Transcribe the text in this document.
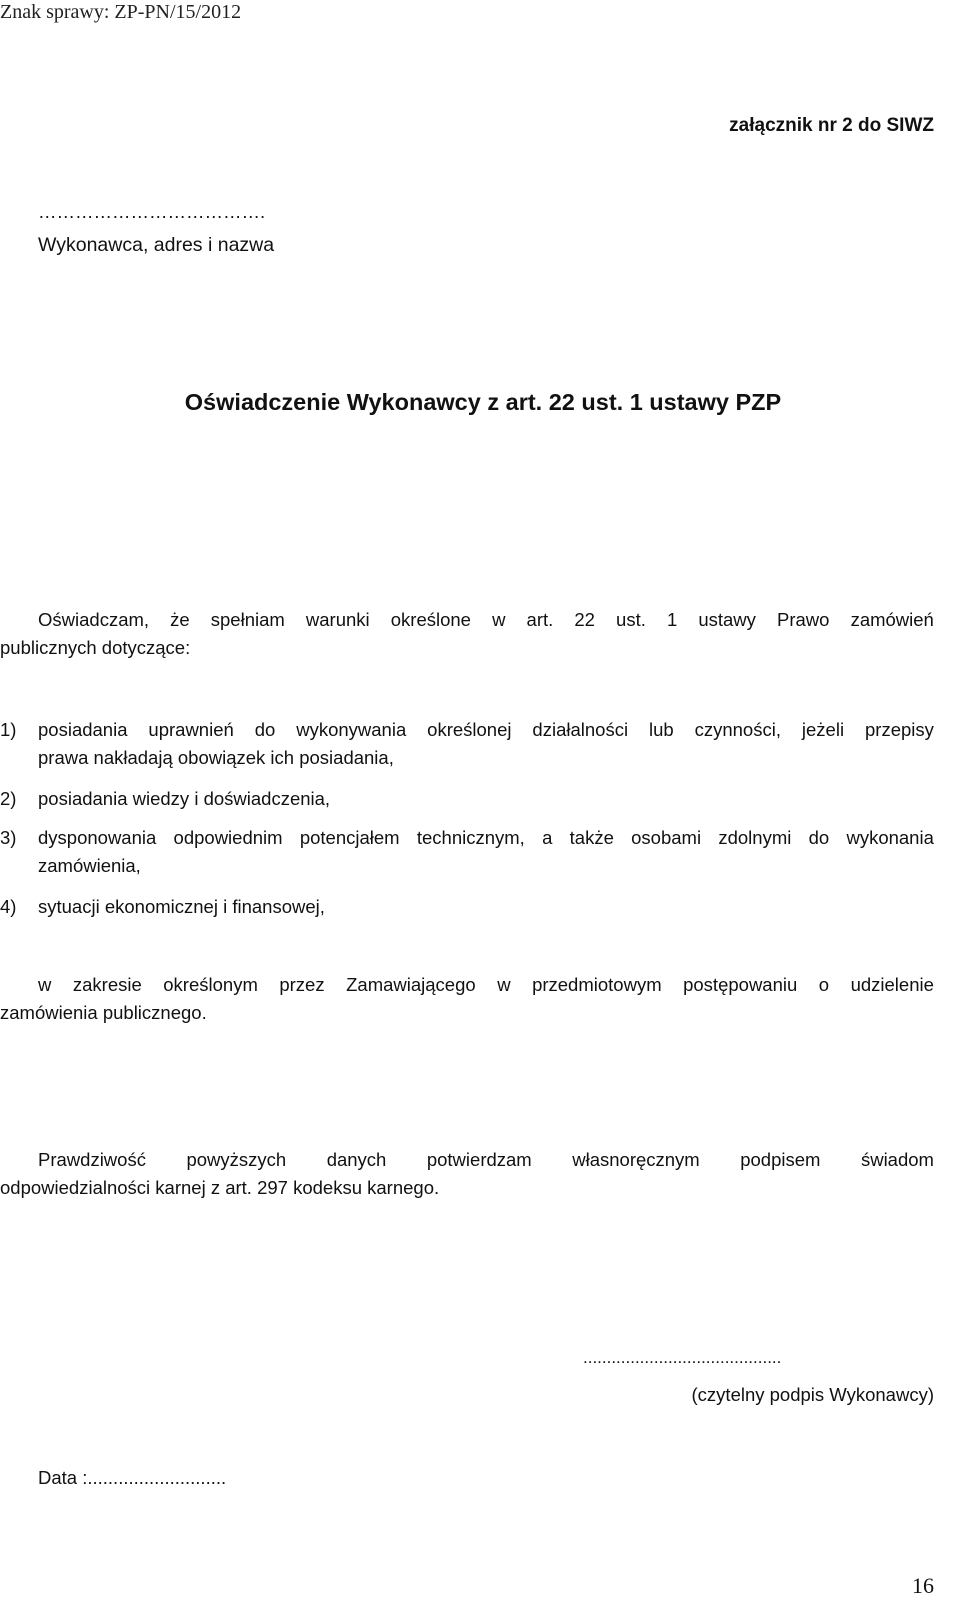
Znak sprawy: ZP-PN/15/2012
załącznik nr 2 do SIWZ
……………………………….
Wykonawca, adres i nazwa
Oświadczenie Wykonawcy z art. 22 ust. 1 ustawy PZP
Oświadczam, że spełniam warunki określone w art. 22 ust. 1 ustawy Prawo zamówień
publicznych dotyczące:
1)	posiadania uprawnień do wykonywania określonej działalności lub czynności, jeżeli przepisy
prawa nakładają obowiązek ich posiadania,
2)	posiadania wiedzy i doświadczenia,
3)	dysponowania odpowiednim potencjałem technicznym, a także osobami zdolnymi do wykonania
zamówienia,
4)	sytuacji ekonomicznej i finansowej,
w zakresie określonym przez Zamawiającego w przedmiotowym postępowaniu o udzielenie
zamówienia publicznego.
Prawdziwość powyższych danych potwierdzam własnoręcznym podpisem świadom
odpowiedzialności karnej z art. 297 kodeksu karnego.
..........................................
(czytelny podpis Wykonawcy)
Data :...........................
16
